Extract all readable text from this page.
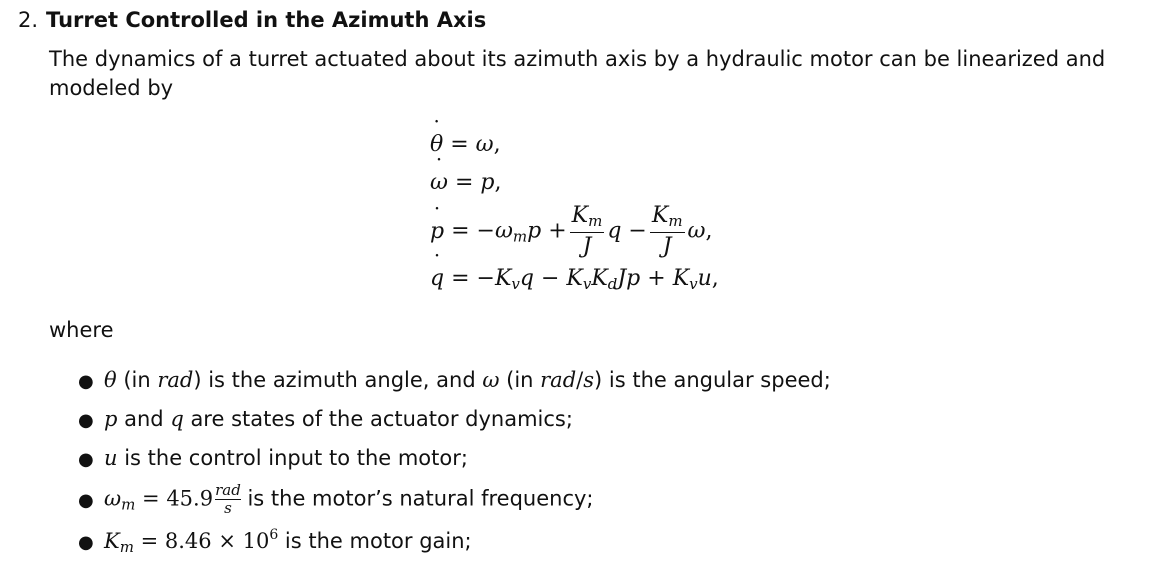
2. Turret Controlled in the Azimuth Axis
The dynamics of a turret actuated about its azimuth axis by a hydraulic motor can be linearized and modeled by
˙ θ = ω,
˙ ω = p,
˙ $p = -\omega_mp + \frac{K_m}{J}$ $q - \frac{K_m}{J} \omega$,
˙ $q = -K_vq - K_vK_dJp + K_vu$,
where
● θ (in rad) is the azimuth angle, and ω (in rad/s) is the angular speed;
● p and q are states of the actuator dynamics;
● u is the control input to the motor;
● $\omega_m = 45.9$ rad
s is the motor’s natural frequency;
● $K_m = 8.46 \times 10^6$ is the motor gain;
